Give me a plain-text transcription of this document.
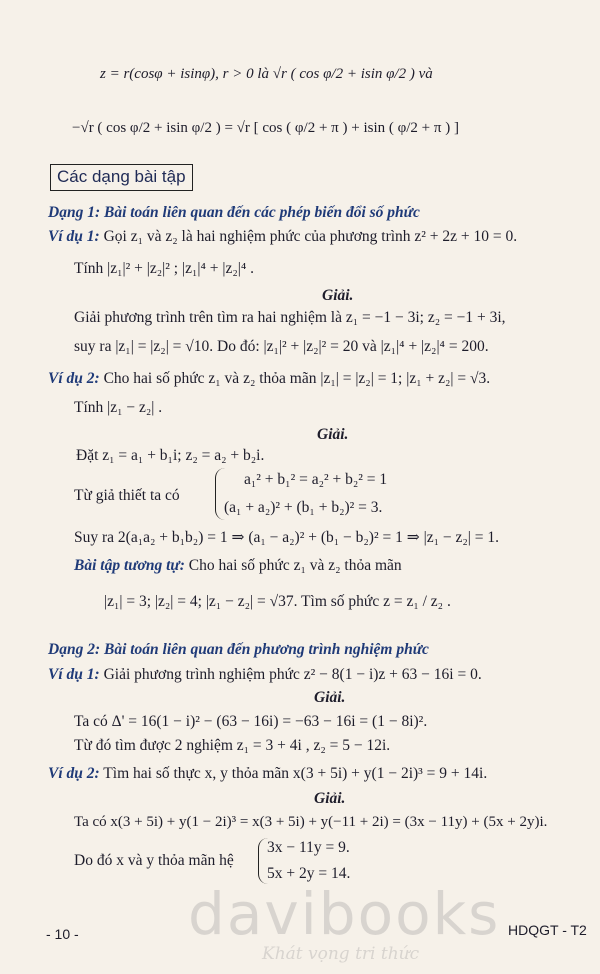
z = r(cosφ + isinφ), r > 0 là √r ( cos φ/2 + isin φ/2 ) và
−√r ( cos φ/2 + isin φ/2 ) = √r [ cos ( φ/2 + π ) + isin ( φ/2 + π ) ]
Các dạng bài tập
Dạng 1: Bài toán liên quan đến các phép biến đổi số phức
Ví dụ 1: Gọi z₁ và z₂ là hai nghiệm phức của phương trình z² + 2z + 10 = 0.
Tính |z₁|² + |z₂|² ; |z₁|⁴ + |z₂|⁴ .
Giải.
Giải phương trình trên tìm ra hai nghiệm là z₁ = −1 − 3i; z₂ = −1 + 3i,
suy ra |z₁| = |z₂| = √10. Do đó: |z₁|² + |z₂|² = 20 và |z₁|⁴ + |z₂|⁴ = 200.
Ví dụ 2: Cho hai số phức z₁ và z₂ thỏa mãn |z₁| = |z₂| = 1; |z₁ + z₂| = √3.
Tính |z₁ − z₂| .
Giải.
Đặt z₁ = a₁ + b₁i; z₂ = a₂ + b₂i.
Từ giả thiết ta có
a₁² + b₁² = a₂² + b₂² = 1
(a₁ + a₂)² + (b₁ + b₂)² = 3.
Suy ra 2(a₁a₂ + b₁b₂) = 1 ⇒ (a₁ − a₂)² + (b₁ − b₂)² = 1 ⇒ |z₁ − z₂| = 1.
Bài tập tương tự: Cho hai số phức z₁ và z₂ thỏa mãn
|z₁| = 3; |z₂| = 4; |z₁ − z₂| = √37. Tìm số phức z = z₁ / z₂ .
Dạng 2: Bài toán liên quan đến phương trình nghiệm phức
Ví dụ 1: Giải phương trình nghiệm phức z² − 8(1 − i)z + 63 − 16i = 0.
Giải.
Ta có Δ' = 16(1 − i)² − (63 − 16i) = −63 − 16i = (1 − 8i)².
Từ đó tìm được 2 nghiệm z₁ = 3 + 4i , z₂ = 5 − 12i.
Ví dụ 2: Tìm hai số thực x, y thỏa mãn x(3 + 5i) + y(1 − 2i)³ = 9 + 14i.
Giải.
Ta có x(3 + 5i) + y(1 − 2i)³ = x(3 + 5i) + y(−11 + 2i) = (3x − 11y) + (5x + 2y)i.
Do đó x và y thỏa mãn hệ
3x − 11y = 9.
5x + 2y = 14.
- 10 - davibooks
Khát vọng tri thức
HDQGT - T2
